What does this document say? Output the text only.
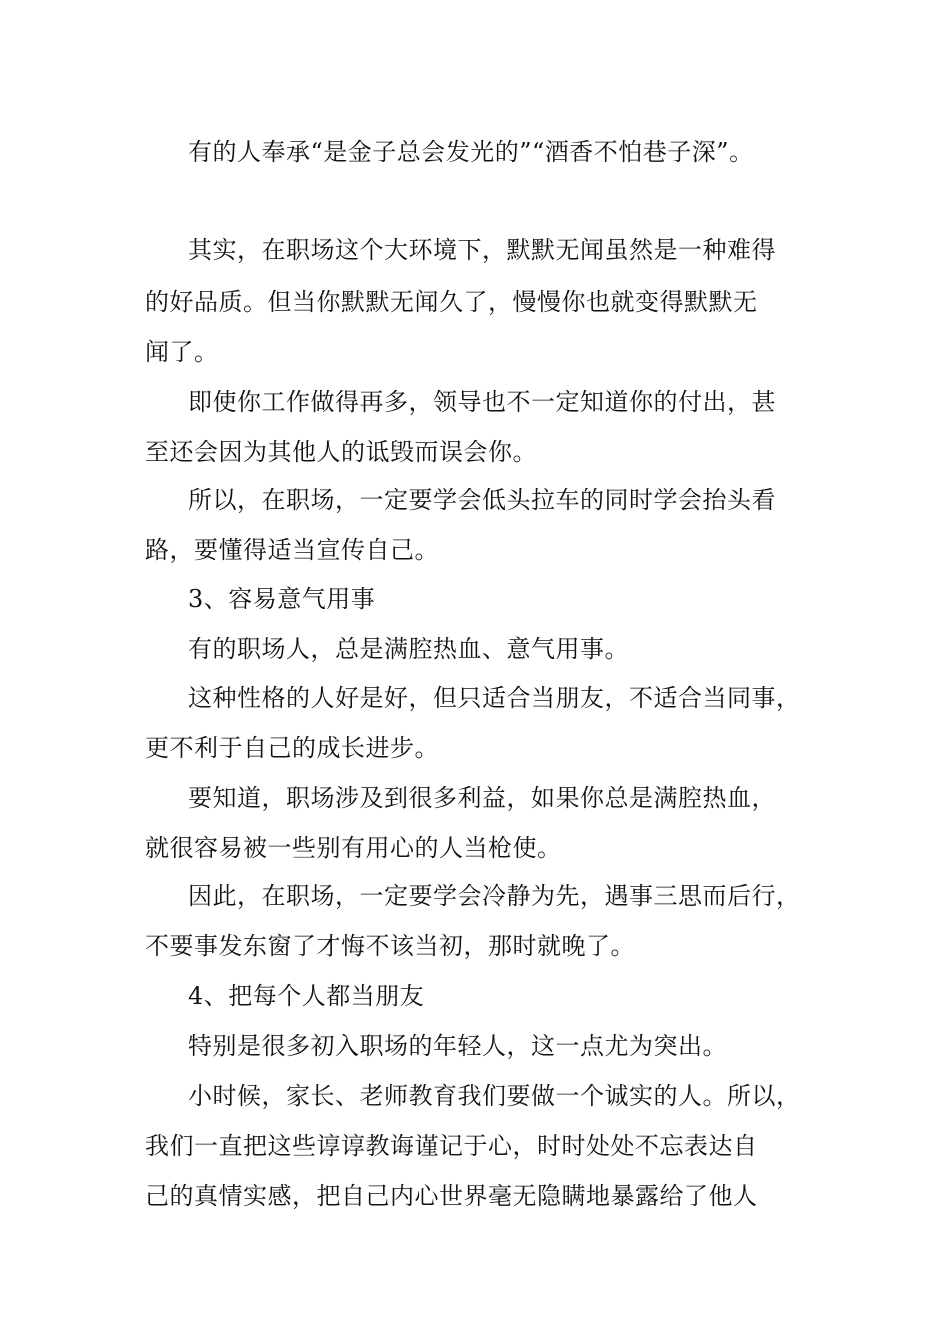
有的人奉承“是金子总会发光的”“酒香不怕巷子深”。
其实，在职场这个大环境下，默默无闻虽然是一种难得
的好品质。但当你默默无闻久了，慢慢你也就变得默默无
闻了。
即使你工作做得再多，领导也不一定知道你的付出，甚
至还会因为其他人的诋毁而误会你。
所以，在职场，一定要学会低头拉车的同时学会抬头看
路，要懂得适当宣传自己。
3、容易意气用事
有的职场人，总是满腔热血、意气用事。
这种性格的人好是好，但只适合当朋友，不适合当同事，
更不利于自己的成长进步。
要知道，职场涉及到很多利益，如果你总是满腔热血，
就很容易被一些别有用心的人当枪使。
因此，在职场，一定要学会冷静为先，遇事三思而后行，
不要事发东窗了才悔不该当初，那时就晚了。
4、把每个人都当朋友
特别是很多初入职场的年轻人，这一点尤为突出。
小时候，家长、老师教育我们要做一个诚实的人。所以，
我们一直把这些谆谆教诲谨记于心，时时处处不忘表达自
己的真情实感，把自己内心世界毫无隐瞒地暴露给了他人
